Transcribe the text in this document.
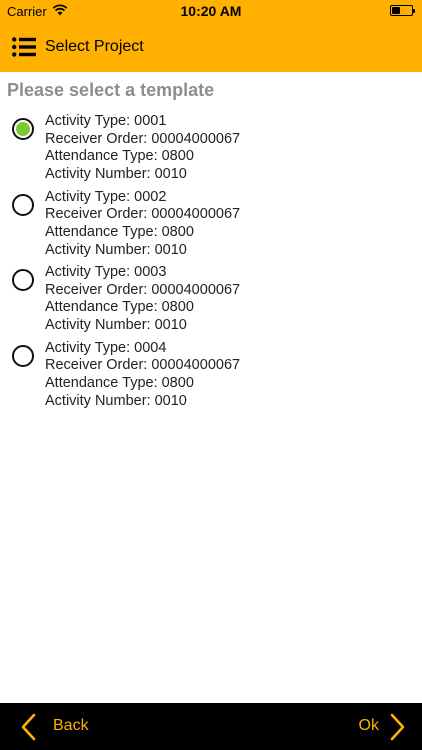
Carrier	10:20 AM
Select Project
Please select a template
Activity Type: 0001
Receiver Order: 00004000067
Attendance Type: 0800
Activity Number: 0010
Activity Type: 0002
Receiver Order: 00004000067
Attendance Type: 0800
Activity Number: 0010
Activity Type: 0003
Receiver Order: 00004000067
Attendance Type: 0800
Activity Number: 0010
Activity Type: 0004
Receiver Order: 00004000067
Attendance Type: 0800
Activity Number: 0010
Back	Ok
